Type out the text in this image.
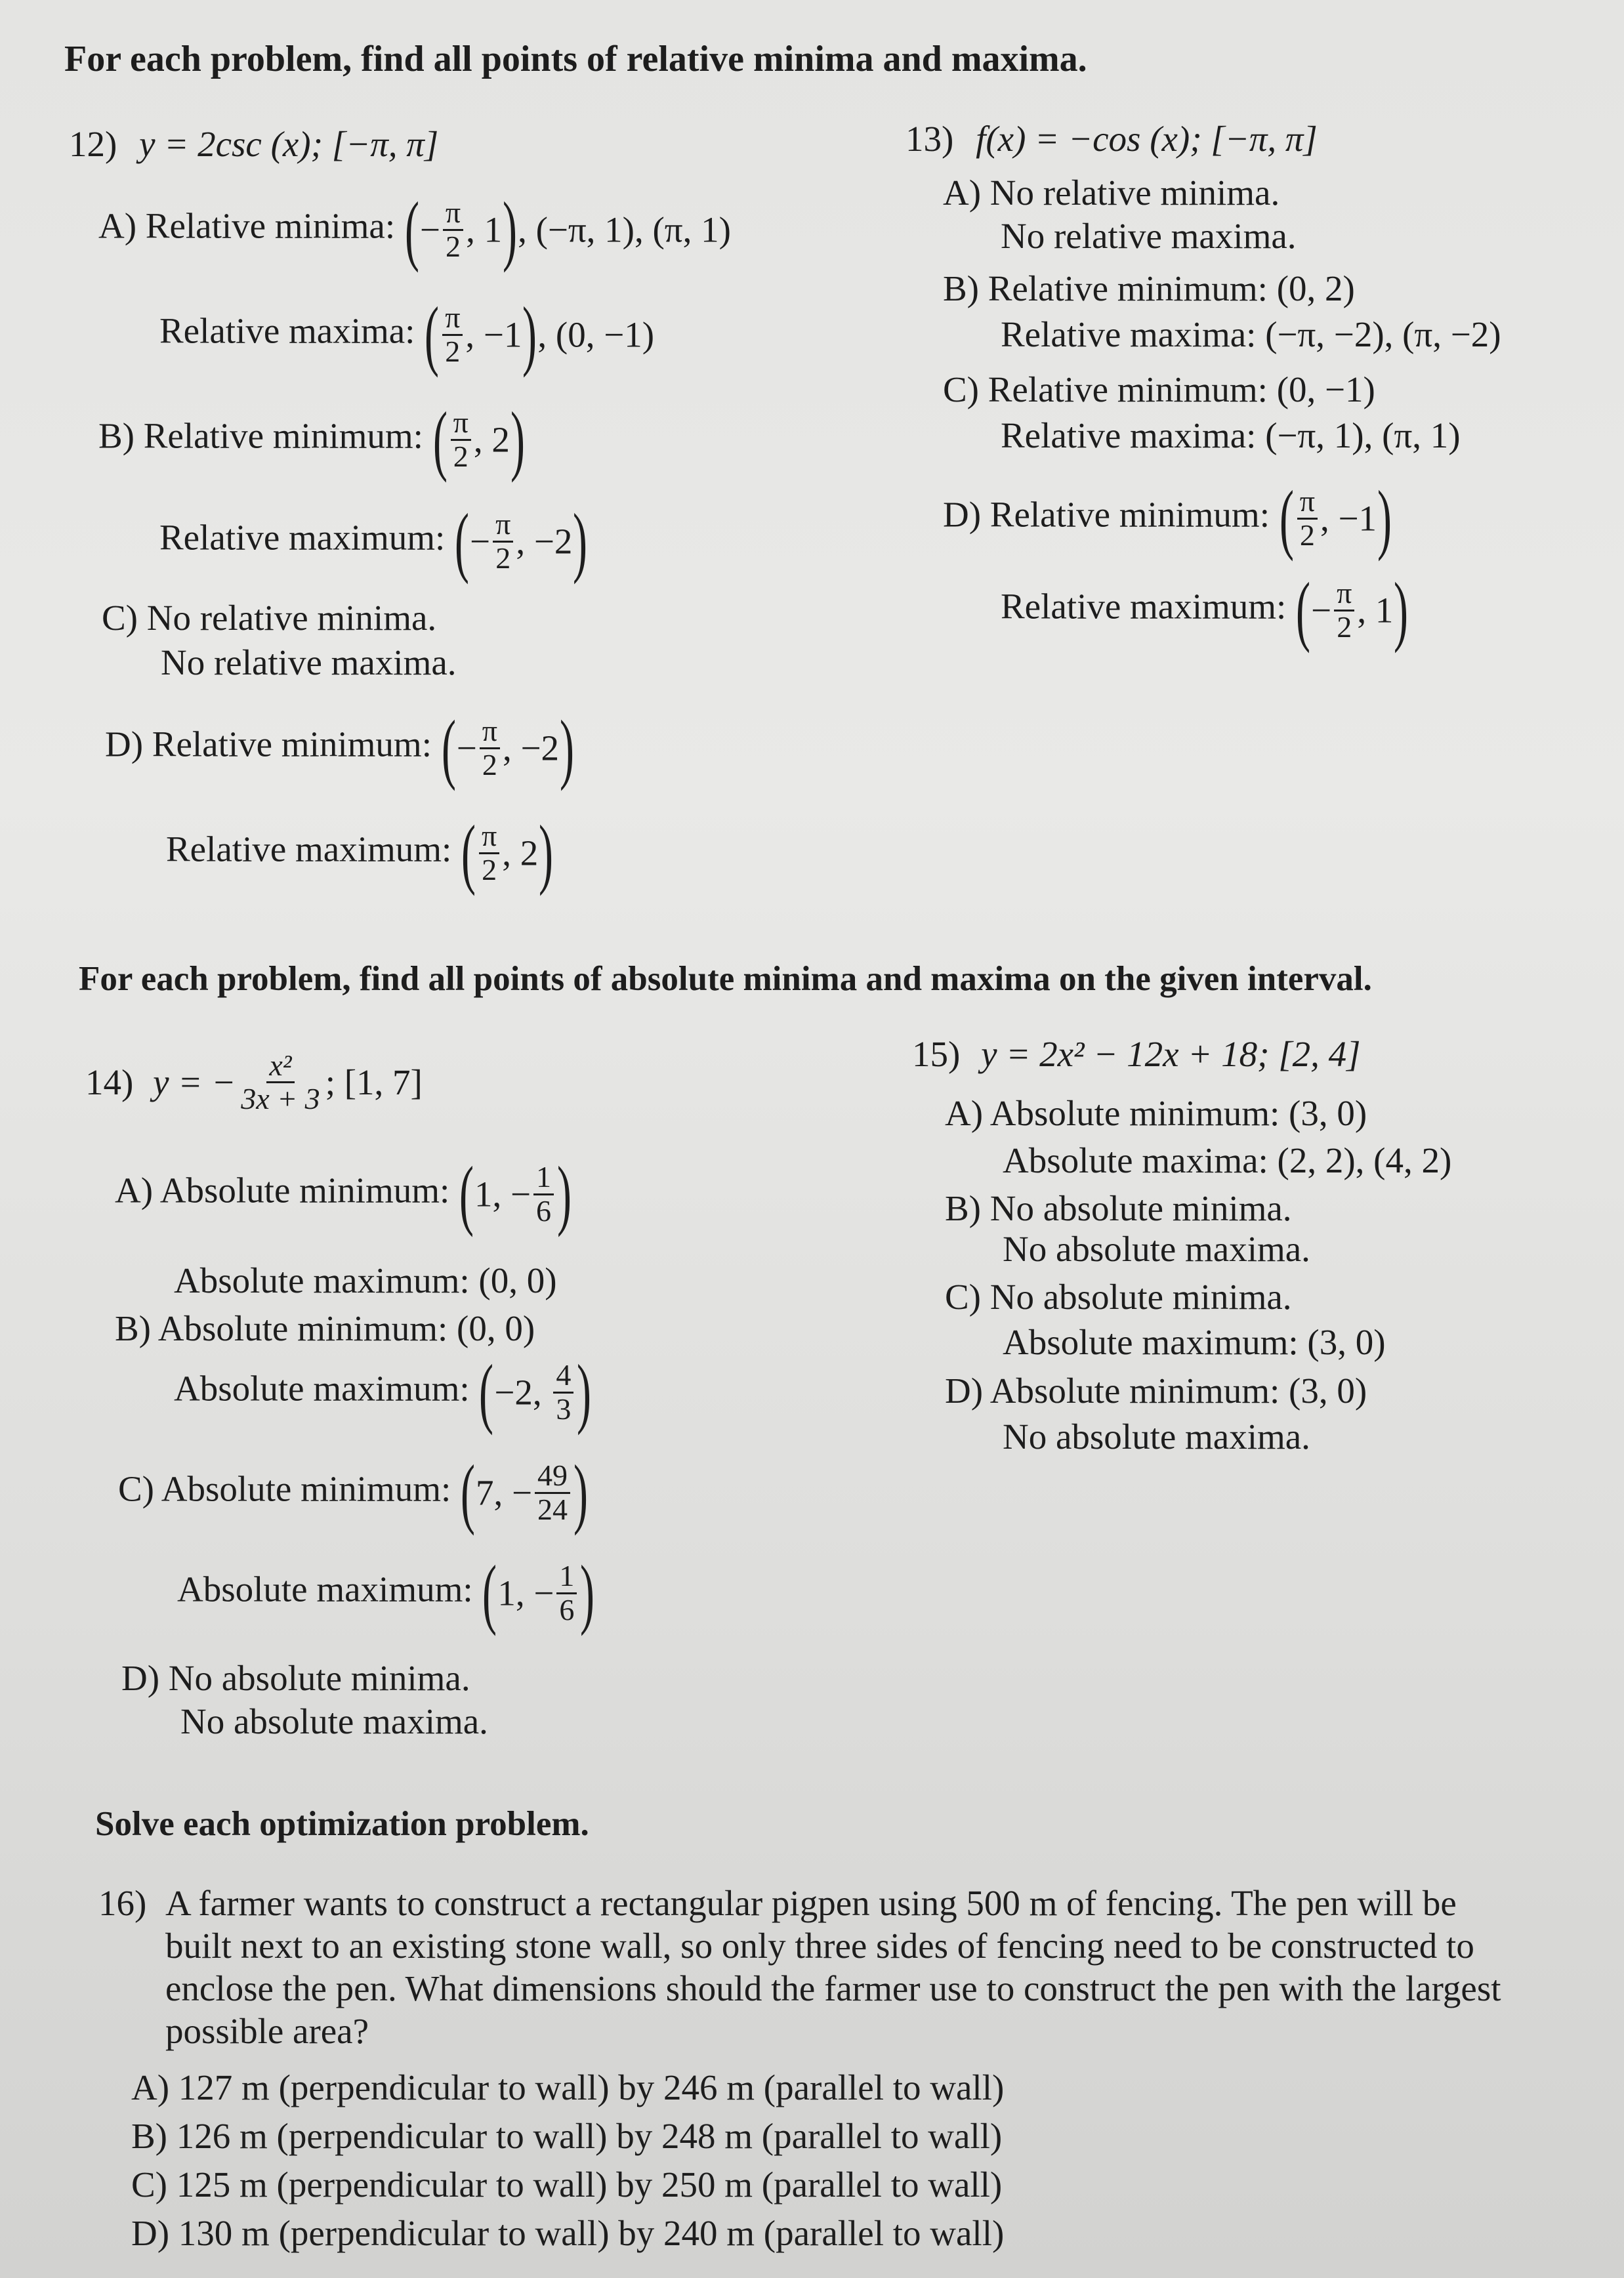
For each problem, find all points of relative minima and maxima.
12) y = 2csc (x); [−π, π]
A) Relative minima: (− $\frac{\pi}{2}$ , 1), (−π, 1), (π, 1)
Relative maxima: ( $\frac{\pi}{2}$ , −1), (0, −1)
B) Relative minimum: ( $\frac{\pi}{2}$ , 2)
Relative maximum: (− $\frac{\pi}{2}$ , −2)
C) No relative minima.
No relative maxima.
D) Relative minimum: (− $\frac{\pi}{2}$ , −2)
Relative maximum: ( $\frac{\pi}{2}$ , 2)
13) f(x) = −cos (x); [−π, π]
A) No relative minima.
No relative maxima.
B) Relative minimum: (0, 2)
Relative maxima: (−π, −2), (π, −2)
C) Relative minimum: (0, −1)
Relative maxima: (−π, 1), (π, 1)
D) Relative minimum: ( $\frac{\pi}{2}$ , −1)
Relative maximum: (− $\frac{\pi}{2}$ , 1)
For each problem, find all points of absolute minima and maxima on the given interval.
14) y = − $\frac{\text{x²}}{3x + 3}$ ; [1, 7]
A) Absolute minimum: (1, − $\frac{1}{6}$ )
Absolute maximum: (0, 0)
B) Absolute minimum: (0, 0)
Absolute maximum: (−2, $\frac{4}{3}$ )
C) Absolute minimum: (7, − $\frac{49}{24}$ )
Absolute maximum: (1, − $\frac{1}{6}$ )
D) No absolute minima.
No absolute maxima.
15) y = 2x² − 12x + 18; [2, 4]
A) Absolute minimum: (3, 0)
Absolute maxima: (2, 2), (4, 2)
B) No absolute minima.
No absolute maxima.
C) No absolute minima.
Absolute maximum: (3, 0)
D) Absolute minimum: (3, 0)
No absolute maxima.
Solve each optimization problem.
16) A farmer wants to construct a rectangular pigpen using 500 m of fencing. The pen will be built next to an existing stone wall, so only three sides of fencing need to be constructed to enclose the pen. What dimensions should the farmer use to construct the pen with the largest possible area?
A) 127 m (perpendicular to wall) by 246 m (parallel to wall)
B) 126 m (perpendicular to wall) by 248 m (parallel to wall)
C) 125 m (perpendicular to wall) by 250 m (parallel to wall)
D) 130 m (perpendicular to wall) by 240 m (parallel to wall)
